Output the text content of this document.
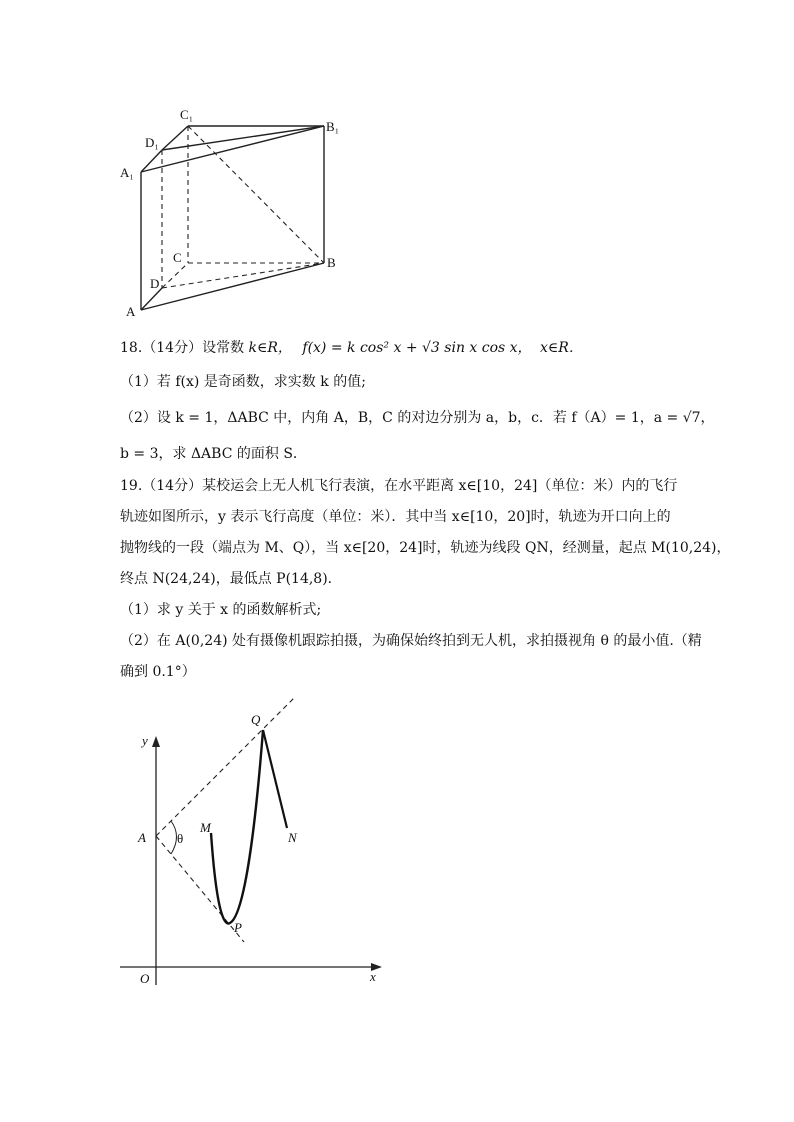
C₁
B₁
D₁
A₁
C	B
D
A
18.（14分）设常数 k∈R， f(x) = k cos² x + √3 sin x cos x， x∈R．
（1）若 f(x) 是奇函数，求实数 k 的值;
（2）设 k = 1，ΔABC 中，内角 A，B，C 的对边分别为 a，b，c．若 f（A）= 1，a = √7，
b = 3，求 ΔABC 的面积 S．
19.（14分）某校运会上无人机飞行表演，在水平距离 x∈[10，24]（单位：米）内的飞行
轨迹如图所示，y 表示飞行高度（单位：米）．其中当 x∈[10，20]时，轨迹为开口向上的
抛物线的一段（端点为 M、Q），当 x∈[20，24]时，轨迹为线段 QN，经测量，起点 M(10,24)，
终点 N(24,24)，最低点 P(14,8)．
（1）求 y 关于 x 的函数解析式;
（2）在 A(0,24) 处有摄像机跟踪拍摄，为确保始终拍到无人机，求拍摄视角 θ 的最小值.（精
确到 0.1°）
y
x
O
A θ
M
N
Q
P
